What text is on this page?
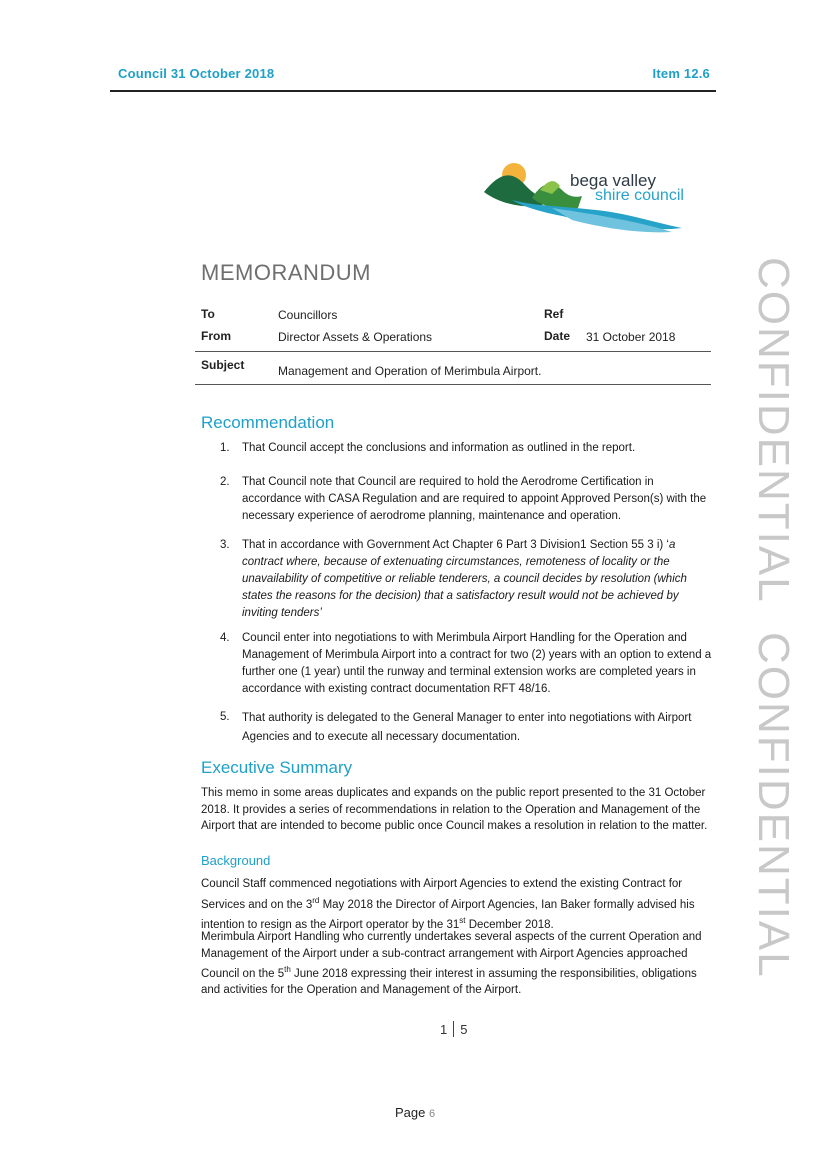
Council 31 October 2018	Item 12.6
bega valley
shire council
MEMORANDUM
To	Councillors	Ref
From	Director Assets & Operations	Date 31 October 2018
Subject	Management and Operation of Merimbula Airport.
Recommendation
1. That Council accept the conclusions and information as outlined in the report.
2. That Council note that Council are required to hold the Aerodrome Certification in accordance with CASA Regulation and are required to appoint Approved Person(s) with the necessary experience of aerodrome planning, maintenance and operation.
3. That in accordance with Government Act Chapter 6 Part 3 Division1 Section 55 3 i) ‘a contract where, because of extenuating circumstances, remoteness of locality or the unavailability of competitive or reliable tenderers, a council decides by resolution (which states the reasons for the decision) that a satisfactory result would not be achieved by inviting tenders’
4. Council enter into negotiations to with Merimbula Airport Handling for the Operation and Management of Merimbula Airport into a contract for two (2) years with an option to extend a further one (1 year) until the runway and terminal extension works are completed years in accordance with existing contract documentation RFT 48/16.
5. That authority is delegated to the General Manager to enter into negotiations with Airport Agencies and to execute all necessary documentation.
Executive Summary
This memo in some areas duplicates and expands on the public report presented to the 31 October 2018. It provides a series of recommendations in relation to the Operation and Management of the Airport that are intended to become public once Council makes a resolution in relation to the matter.
Background
Council Staff commenced negotiations with Airport Agencies to extend the existing Contract for Services and on the 3rd May 2018 the Director of Airport Agencies, Ian Baker formally advised his intention to resign as the Airport operator by the 31st December 2018.
Merimbula Airport Handling who currently undertakes several aspects of the current Operation and Management of the Airport under a sub-contract arrangement with Airport Agencies approached Council on the 5th June 2018 expressing their interest in assuming the responsibilities, obligations and activities for the Operation and Management of the Airport.
CONFIDENTIAL
CONFIDENTIAL
1 5
Page 6
